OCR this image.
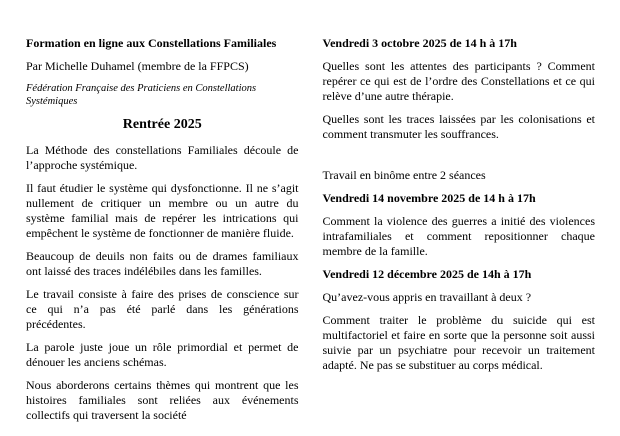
Formation en ligne aux Constellations Familiales

Par Michelle Duhamel (membre de la FFPCS)

Fédération Française des Praticiens en Constellations Systémiques

Rentrée 2025

La Méthode des constellations Familiales découle de l’approche systémique.

Il faut étudier le système qui dysfonctionne. Il ne s’agit nullement de critiquer un membre ou un autre du système familial mais de repérer les intrications qui empêchent le système de fonctionner de manière fluide.

Beaucoup de deuils non faits ou de drames familiaux ont laissé des traces indélébiles dans les familles.

Le travail consiste à faire des prises de conscience sur ce qui n’a pas été parlé dans les générations précédentes.

La parole juste joue un rôle primordial et permet de dénouer les anciens schémas.

Nous aborderons certains thèmes qui montrent que les histoires familiales sont reliées aux événements collectifs qui traversent la société

Vendredi 3 octobre 2025 de 14 h à 17h

Quelles sont les attentes des participants ? Comment repérer ce qui est de l’ordre des Constellations et ce qui relève d’une autre thérapie.

Quelles sont les traces laissées par les colonisations et comment transmuter les souffrances.

Travail en binôme entre 2 séances

Vendredi 14 novembre 2025 de 14 h à 17h

Comment la violence des guerres a initié des violences intrafamiliales et comment repositionner chaque membre de la famille.

Vendredi 12 décembre 2025 de 14h à 17h

Qu’avez-vous appris en travaillant à deux ?

Comment traiter le problème du suicide qui est multifactoriel et faire en sorte que la personne soit aussi suivie par un psychiatre pour recevoir un traitement adapté. Ne pas se substituer au corps médical.
